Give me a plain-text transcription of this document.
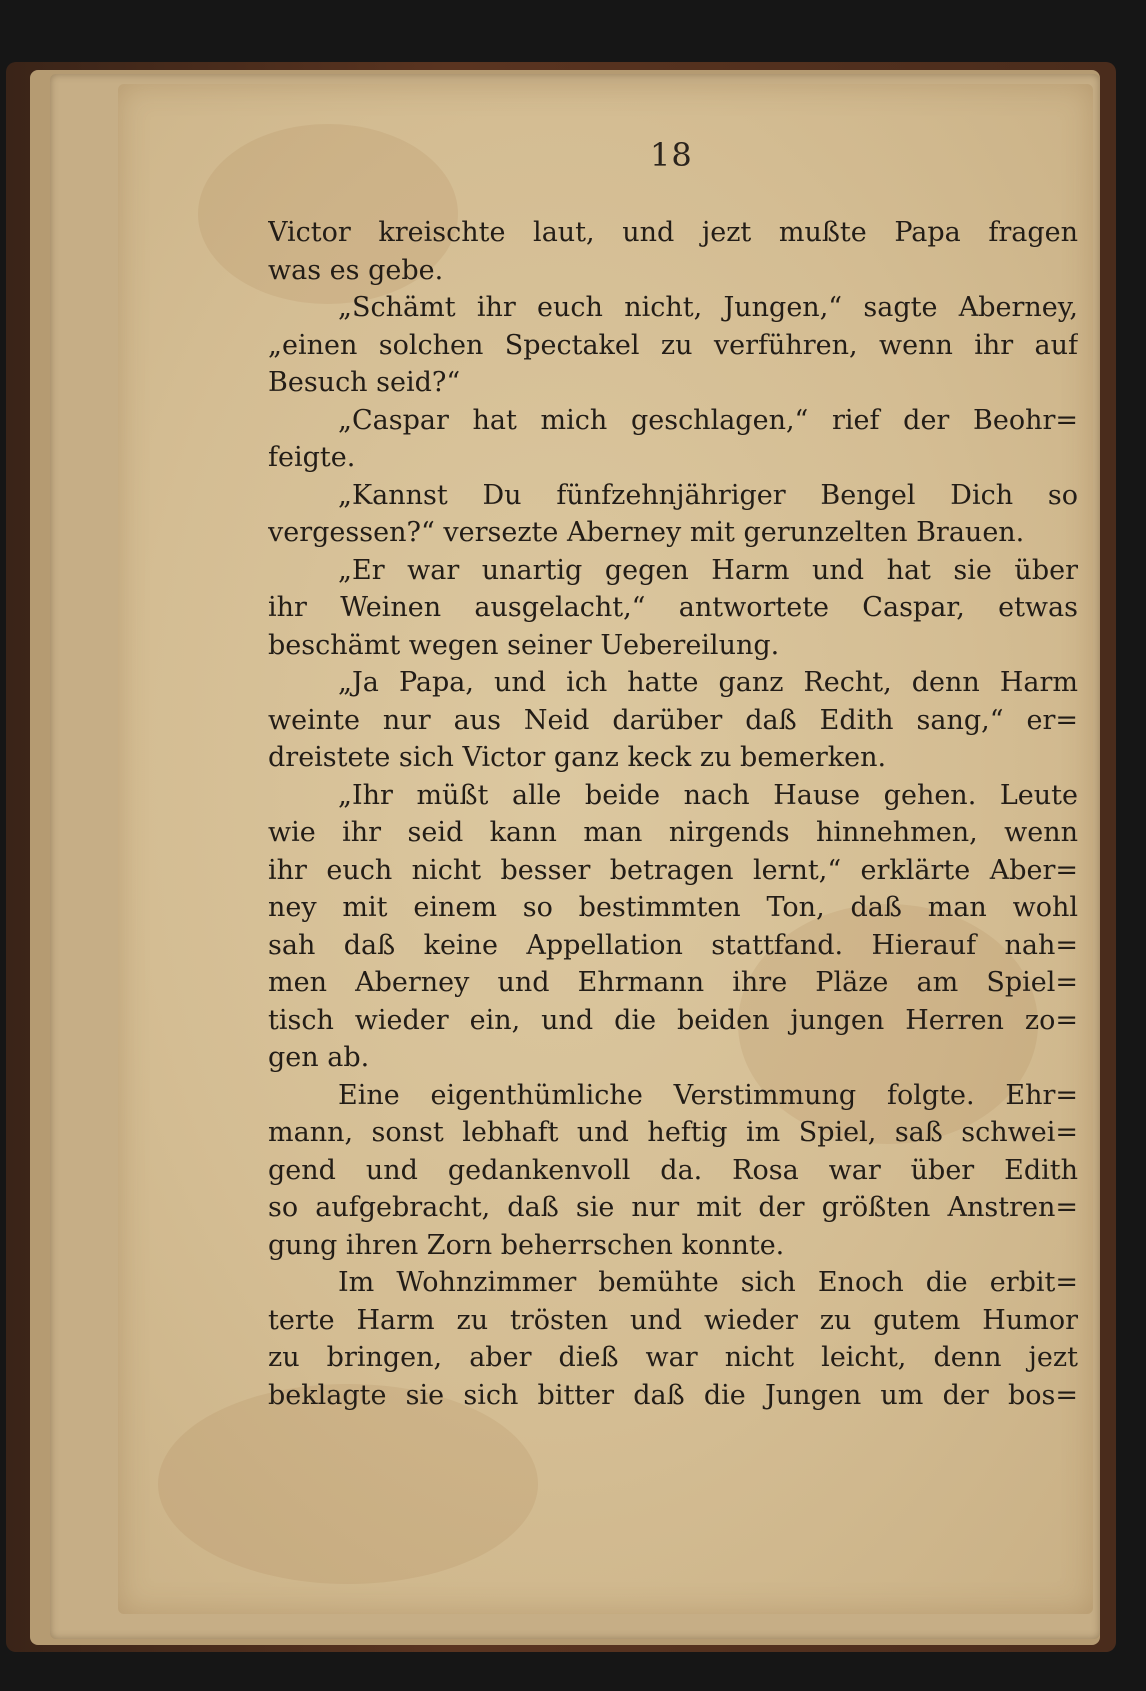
18
Victor kreischte laut, und jezt mußte Papa fragen
was es gebe.
„Schämt ihr euch nicht, Jungen,“ sagte Aberney,
„einen solchen Spectakel zu verführen, wenn ihr auf
Besuch seid?“
„Caspar hat mich geschlagen,“ rief der Beohr=
feigte.
„Kannst Du fünfzehnjähriger Bengel Dich so
vergessen?“ versezte Aberney mit gerunzelten Brauen.
„Er war unartig gegen Harm und hat sie über
ihr Weinen ausgelacht,“ antwortete Caspar, etwas
beschämt wegen seiner Uebereilung.
„Ja Papa, und ich hatte ganz Recht, denn Harm
weinte nur aus Neid darüber daß Edith sang,“ er=
dreistete sich Victor ganz keck zu bemerken.
„Ihr müßt alle beide nach Hause gehen. Leute
wie ihr seid kann man nirgends hinnehmen, wenn
ihr euch nicht besser betragen lernt,“ erklärte Aber=
ney mit einem so bestimmten Ton, daß man wohl
sah daß keine Appellation stattfand. Hierauf nah=
men Aberney und Ehrmann ihre Pläze am Spiel=
tisch wieder ein, und die beiden jungen Herren zo=
gen ab.
Eine eigenthümliche Verstimmung folgte. Ehr=
mann, sonst lebhaft und heftig im Spiel, saß schwei=
gend und gedankenvoll da. Rosa war über Edith
so aufgebracht, daß sie nur mit der größten Anstren=
gung ihren Zorn beherrschen konnte.
Im Wohnzimmer bemühte sich Enoch die erbit=
terte Harm zu trösten und wieder zu gutem Humor
zu bringen, aber dieß war nicht leicht, denn jezt
beklagte sie sich bitter daß die Jungen um der bos=
